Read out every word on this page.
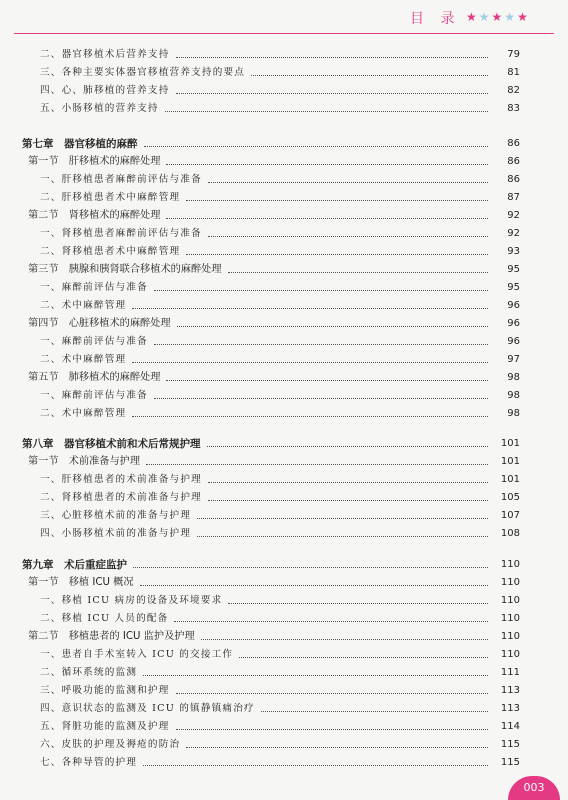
目 录 ★★★★★
二、器官移植术后营养支持	79
三、各种主要实体器官移植营养支持的要点	81
四、心、肺移植的营养支持	82
五、小肠移植的营养支持	83
第七章　器官移植的麻醉	86
第一节　肝移植术的麻醉处理	86
一、肝移植患者麻醉前评估与准备	86
二、肝移植患者术中麻醉管理	87
第二节　肾移植术的麻醉处理	92
一、肾移植患者麻醉前评估与准备	92
二、肾移植患者术中麻醉管理	93
第三节　胰腺和胰肾联合移植术的麻醉处理	95
一、麻醉前评估与准备	95
二、术中麻醉管理	96
第四节　心脏移植术的麻醉处理	96
一、麻醉前评估与准备	96
二、术中麻醉管理	97
第五节　肺移植术的麻醉处理	98
一、麻醉前评估与准备	98
二、术中麻醉管理	98
第八章　器官移植术前和术后常规护理	101
第一节　术前准备与护理	101
一、肝移植患者的术前准备与护理	101
二、肾移植患者的术前准备与护理	105
三、心脏移植术前的准备与护理	107
四、小肠移植术前的准备与护理	108
第九章　术后重症监护	110
第一节　移植 ICU 概况	110
一、移植 ICU 病房的设备及环境要求	110
二、移植 ICU 人员的配备	110
第二节　移植患者的 ICU 监护及护理	110
一、患者自手术室转入 ICU 的交接工作	110
二、循环系统的监测	111
三、呼吸功能的监测和护理	113
四、意识状态的监测及 ICU 的镇静镇痛治疗	113
五、肾脏功能的监测及护理	114
六、皮肤的护理及褥疮的防治	115
七、各种导管的护理	115
003
